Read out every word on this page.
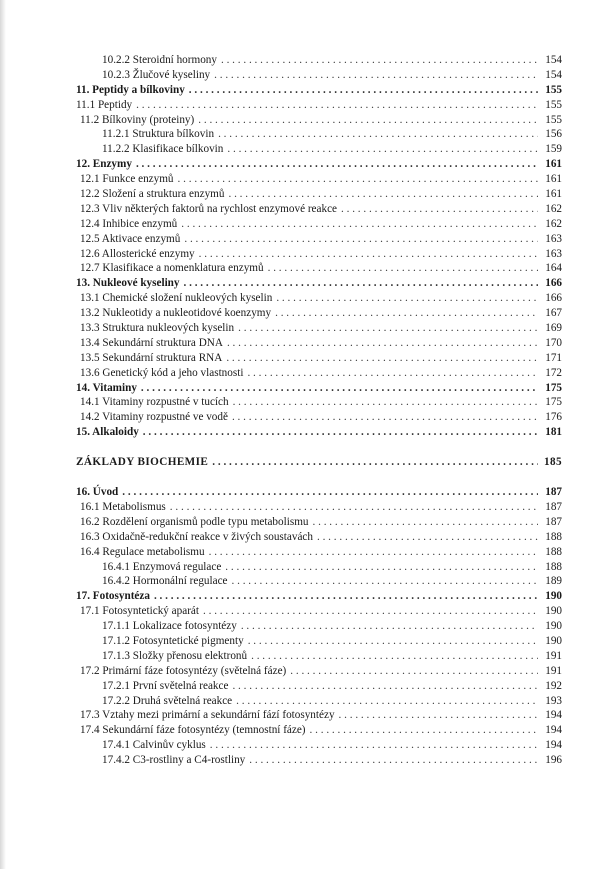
10.2.2 Steroidní hormony . . .	154
10.2.3 Žlučové kyseliny . . .	154
11. Peptidy a bílkoviny . . .	155
11.1 Peptidy . . .	155
11.2 Bílkoviny (proteiny) . . .	155
11.2.1 Struktura bílkovin . . .	156
11.2.2 Klasifikace bílkovin . . .	159
12. Enzymy . . .	161
12.1 Funkce enzymů . . .	161
12.2 Složení a struktura enzymů . . .	161
12.3 Vliv některých faktorů na rychlost enzymové reakce . . .	162
12.4 Inhibice enzymů . . .	162
12.5 Aktivace enzymů . . .	163
12.6 Allosterické enzymy . . .	163
12.7 Klasifikace a nomenklatura enzymů . . .	164
13. Nukleové kyseliny . . .	166
13.1 Chemické složení nukleových kyselin . . .	166
13.2 Nukleotidy a nukleotidové koenzymy . . .	167
13.3 Struktura nukleových kyselin . . .	169
13.4 Sekundární struktura DNA . . .	170
13.5 Sekundární struktura RNA . . .	171
13.6 Genetický kód a jeho vlastnosti . . .	172
14. Vitaminy . . .	175
14.1 Vitaminy rozpustné v tucích . . .	175
14.2 Vitaminy rozpustné ve vodě . . .	176
15. Alkaloidy . . .	181
ZÁKLADY BIOCHEMIE . . .	185
16. Úvod . . .	187
16.1 Metabolismus . . .	187
16.2 Rozdělení organismů podle typu metabolismu . . .	187
16.3 Oxidačně-redukční reakce v živých soustavách . . .	188
16.4 Regulace metabolismu . . .	188
16.4.1 Enzymová regulace . . .	188
16.4.2 Hormonální regulace . . .	189
17. Fotosyntéza . . .	190
17.1 Fotosyntetický aparát . . .	190
17.1.1 Lokalizace fotosyntézy . . .	190
17.1.2 Fotosyntetické pigmenty . . .	190
17.1.3 Složky přenosu elektronů . . .	191
17.2 Primární fáze fotosyntézy (světelná fáze) . . .	191
17.2.1 První světelná reakce . . .	192
17.2.2 Druhá světelná reakce . . .	193
17.3 Vztahy mezi primární a sekundární fází fotosyntézy . . .	194
17.4 Sekundární fáze fotosyntézy (temnostní fáze) . . .	194
17.4.1 Calvinův cyklus . . .	194
17.4.2 C3-rostliny a C4-rostliny . . .	196
